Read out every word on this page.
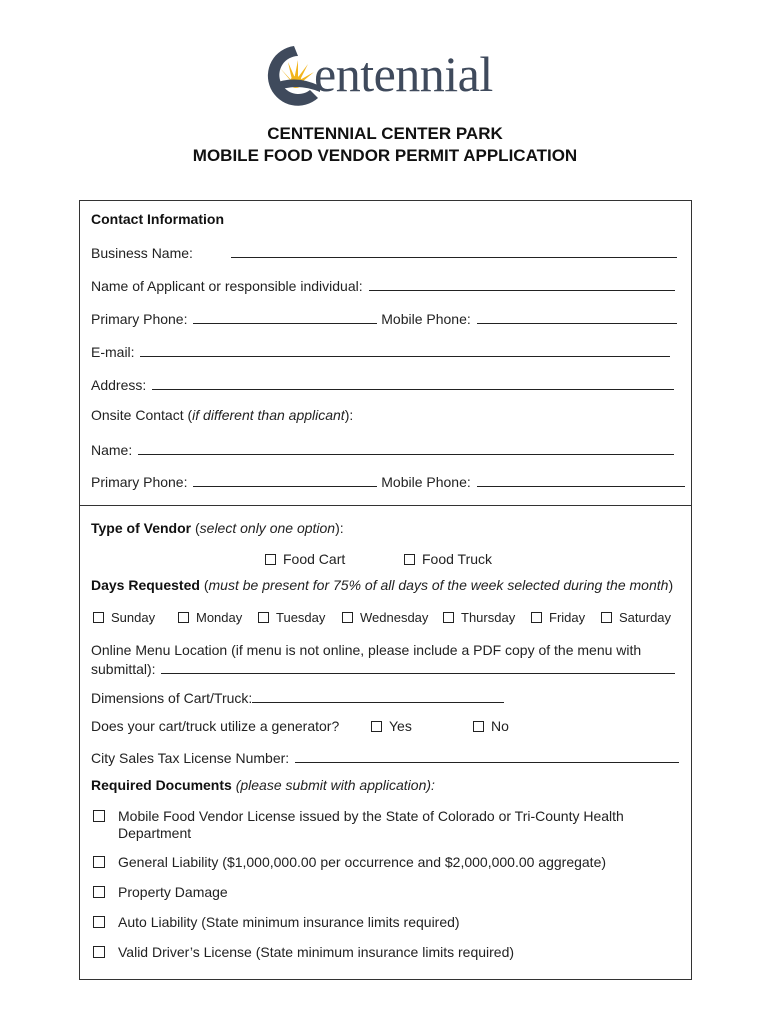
entennial
CENTENNIAL CENTER PARK
MOBILE FOOD VENDOR PERMIT APPLICATION
Contact Information
Business Name:
Name of Applicant or responsible individual:
Primary Phone:	Mobile Phone:
E-mail:
Address:
Onsite Contact (if different than applicant):
Name:
Primary Phone:	Mobile Phone:
Type of Vendor (select only one option):
Food Cart	Food Truck
Days Requested (must be present for 75% of all days of the week selected during the month)
Sunday	Monday	Tuesday	Wednesday	Thursday	Friday	Saturday
Online Menu Location (if menu is not online, please include a PDF copy of the menu with
submittal):
Dimensions of Cart/Truck:
Does your cart/truck utilize a generator?	Yes	No
City Sales Tax License Number:
Required Documents (please submit with application):
Mobile Food Vendor License issued by the State of Colorado or Tri-County Health
Department
General Liability ($1,000,000.00 per occurrence and $2,000,000.00 aggregate)
Property Damage
Auto Liability (State minimum insurance limits required)
Valid Driver’s License (State minimum insurance limits required)
